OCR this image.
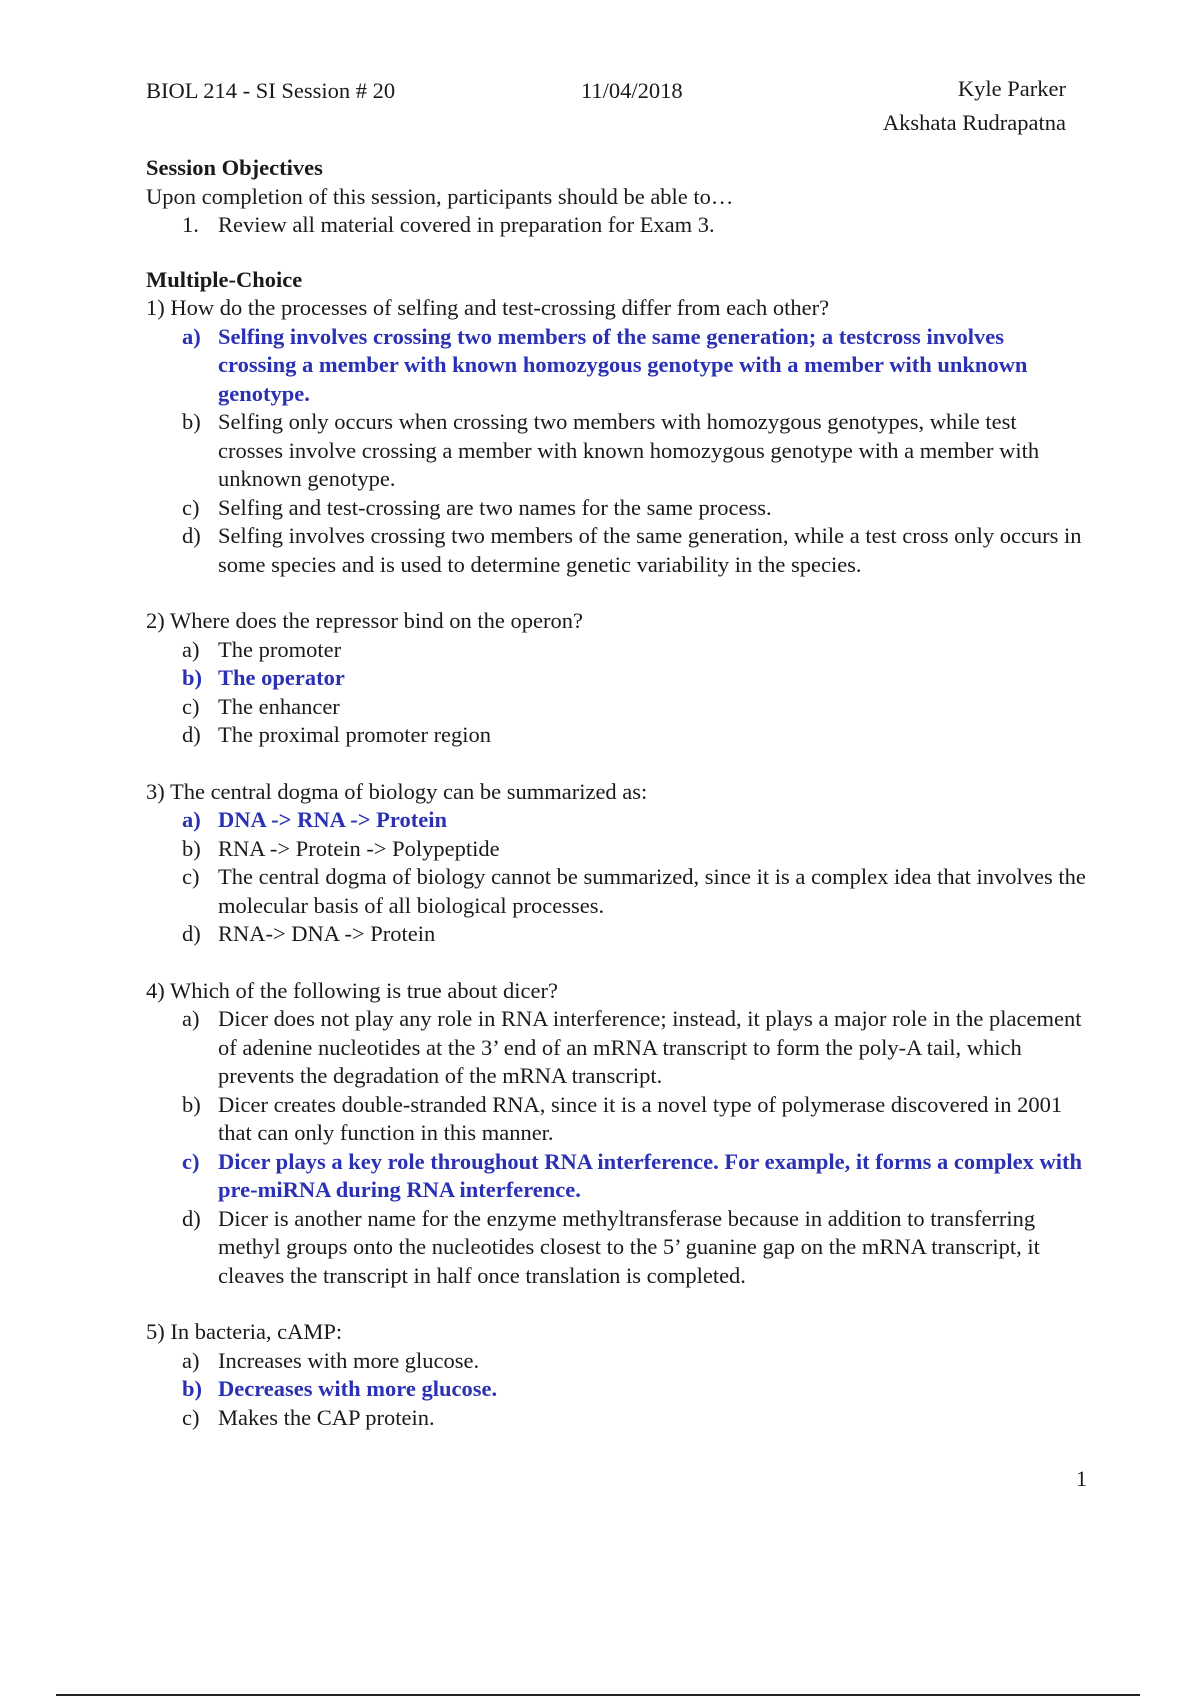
BIOL 214 - SI Session # 20	11/04/2018	Kyle Parker
Akshata Rudrapatna
Session Objectives
Upon completion of this session, participants should be able to…
1. Review all material covered in preparation for Exam 3.
Multiple-Choice
1) How do the processes of selfing and test-crossing differ from each other?
a) Selfing involves crossing two members of the same generation; a testcross involves crossing a member with known homozygous genotype with a member with unknown genotype.
b) Selfing only occurs when crossing two members with homozygous genotypes, while test crosses involve crossing a member with known homozygous genotype with a member with unknown genotype.
c) Selfing and test-crossing are two names for the same process.
d) Selfing involves crossing two members of the same generation, while a test cross only occurs in some species and is used to determine genetic variability in the species.
2) Where does the repressor bind on the operon?
a) The promoter
b) The operator
c) The enhancer
d) The proximal promoter region
3) The central dogma of biology can be summarized as:
a) DNA -> RNA -> Protein
b) RNA -> Protein -> Polypeptide
c) The central dogma of biology cannot be summarized, since it is a complex idea that involves the molecular basis of all biological processes.
d) RNA-> DNA -> Protein
4) Which of the following is true about dicer?
a) Dicer does not play any role in RNA interference; instead, it plays a major role in the placement of adenine nucleotides at the 3’ end of an mRNA transcript to form the poly-A tail, which prevents the degradation of the mRNA transcript.
b) Dicer creates double-stranded RNA, since it is a novel type of polymerase discovered in 2001 that can only function in this manner.
c) Dicer plays a key role throughout RNA interference. For example, it forms a complex with pre-miRNA during RNA interference.
d) Dicer is another name for the enzyme methyltransferase because in addition to transferring methyl groups onto the nucleotides closest to the 5’ guanine gap on the mRNA transcript, it cleaves the transcript in half once translation is completed.
5) In bacteria, cAMP:
a) Increases with more glucose.
b) Decreases with more glucose.
c) Makes the CAP protein.
1
